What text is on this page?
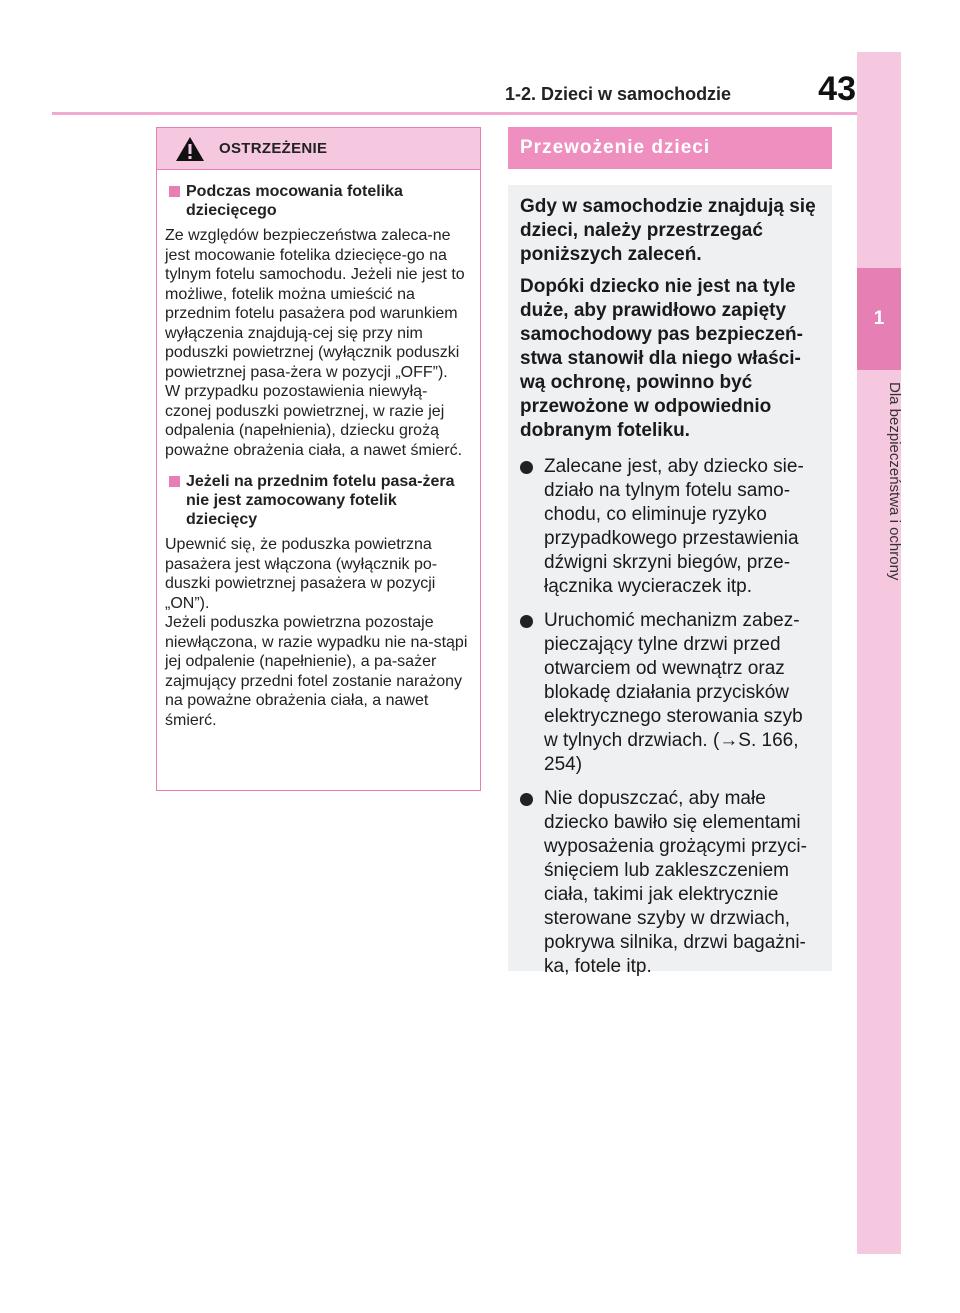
1
Dla bezpieczeństwa i ochrony
1-2. Dzieci w samochodzie	43
OSTRZEŻENIE
Podczas mocowania fotelika dziecięcego

Ze względów bezpieczeństwa zaleca-ne jest mocowanie fotelika dziecięce-go na tylnym fotelu samochodu. Jeżeli nie jest to możliwe, fotelik można umieścić na przednim fotelu pasażera pod warunkiem wyłączenia znajdują-cej się przy nim poduszki powietrznej (wyłącznik poduszki powietrznej pasa-żera w pozycji „OFF”).

W przypadku pozostawienia niewyłą-czonej poduszki powietrznej, w razie jej odpalenia (napełnienia), dziecku grożą poważne obrażenia ciała, a nawet śmierć.

Jeżeli na przednim fotelu pasa-żera nie jest zamocowany fotelik dziecięcy

Upewnić się, że poduszka powietrzna pasażera jest włączona (wyłącznik po-duszki powietrznej pasażera w pozycji „ON”).

Jeżeli poduszka powietrzna pozostaje niewłączona, w razie wypadku nie na-stąpi jej odpalenie (napełnienie), a pa-sażer zajmujący przedni fotel zostanie narażony na poważne obrażenia ciała, a nawet śmierć.

Przewożenie dzieci

Gdy w samochodzie znajdują się dzieci, należy przestrzegać poniższych zaleceń.

Dopóki dziecko nie jest na tyle duże, aby prawidłowo zapięty samochodowy pas bezpieczeń-stwa stanowił dla niego właści-wą ochronę, powinno być przewożone w odpowiednio dobranym foteliku.

Zalecane jest, aby dziecko sie-działo na tylnym fotelu samo-chodu, co eliminuje ryzyko przypadkowego przestawienia dźwigni skrzyni biegów, prze-łącznika wycieraczek itp.
Uruchomić mechanizm zabez-pieczający tylne drzwi przed otwarciem od wewnątrz oraz blokadę działania przycisków elektrycznego sterowania szyb w tylnych drzwiach. (→S. 166, 254)
Nie dopuszczać, aby małe dziecko bawiło się elementami wyposażenia grożącymi przyci-śnięciem lub zakleszczeniem ciała, takimi jak elektrycznie sterowane szyby w drzwiach, pokrywa silnika, drzwi bagażni-ka, fotele itp.
